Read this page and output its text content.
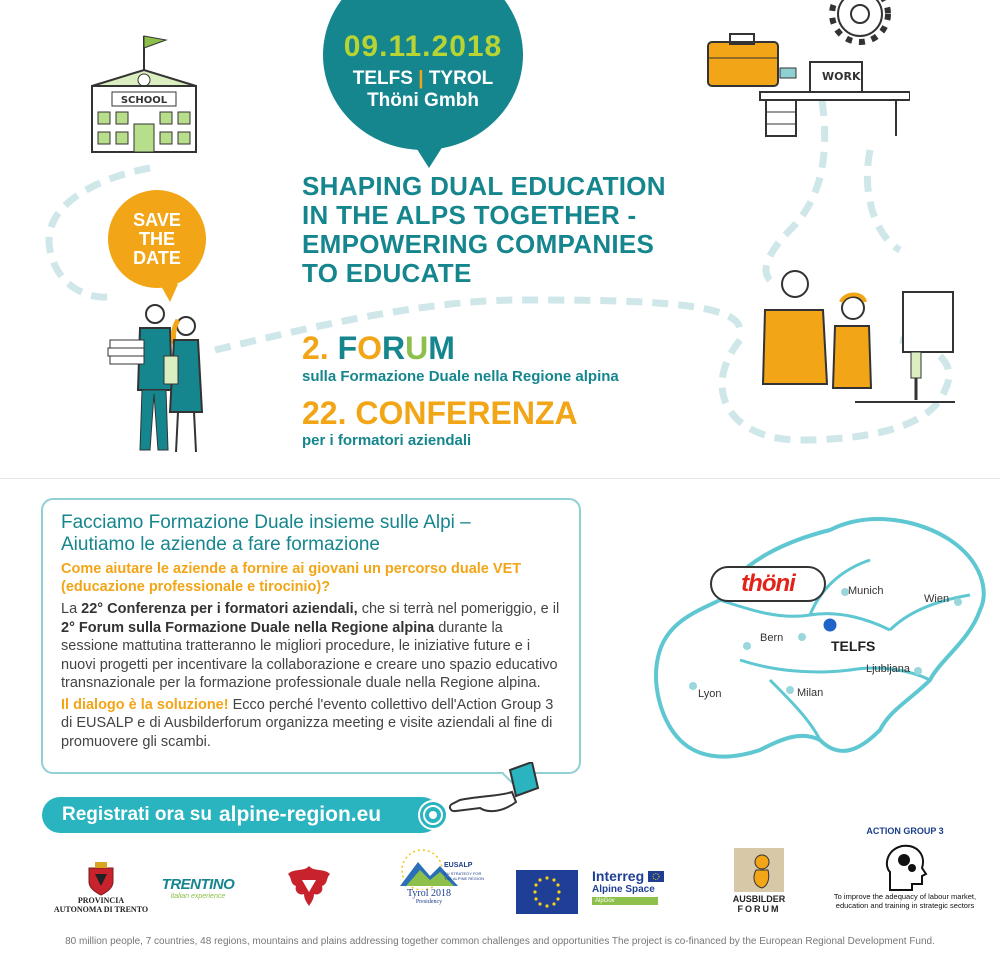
SCHOOL
09.11.2018
TELFS | TYROL
Thöni Gmbh
WORK
SAVE
THE
DATE
SHAPING DUAL EDUCATION
IN THE ALPS TOGETHER -
EMPOWERING COMPANIES
TO EDUCATE
2. FORUM
sulla Formazione Duale nella Regione alpina
22. CONFERENZA
per i formatori aziendali
Facciamo Formazione Duale insieme sulle Alpi –
Aiutiamo le aziende a fare formazione
Come aiutare le aziende a fornire ai giovani un percorso duale VET (educazione professionale e tirocinio)?
La 22° Conferenza per i formatori aziendali, che si terrà nel pomeriggio, e il 2° Forum sulla Formazione Duale nella Regione alpina durante la sessione mattutina tratteranno le migliori procedure, le iniziative future e i nuovi progetti per incentivare la collaborazione e creare uno spazio educativo transnazionale per la formazione professionale duale nella Regione alpina.
Il dialogo è la soluzione! Ecco perché l'evento collettivo dell'Action Group 3 di EUSALP e di Ausbilderforum organizza meeting e visite aziendali al fine di promuovere gli scambi.
Registrati ora su alpine-region.eu
thöni
TELFS
Munich
Wien
Bern
Ljubljana
Lyon	Milan
PROVINCIA
AUTONOMA DI TRENTO
TRENTINO
italian experience
EUSALP
EU STRATEGY FOR THE ALPINE REGION
Tyrol 2018
Presidency
Interreg
Alpine Space
AlpGov	AUSBILDER
FORUM
ACTION GROUP 3
To improve the adequacy of labour market,
education and training in strategic sectors
80 million people, 7 countries, 48 regions, mountains and plains addressing together common challenges and opportunities The project is co-financed by the European Regional Development Fund.
